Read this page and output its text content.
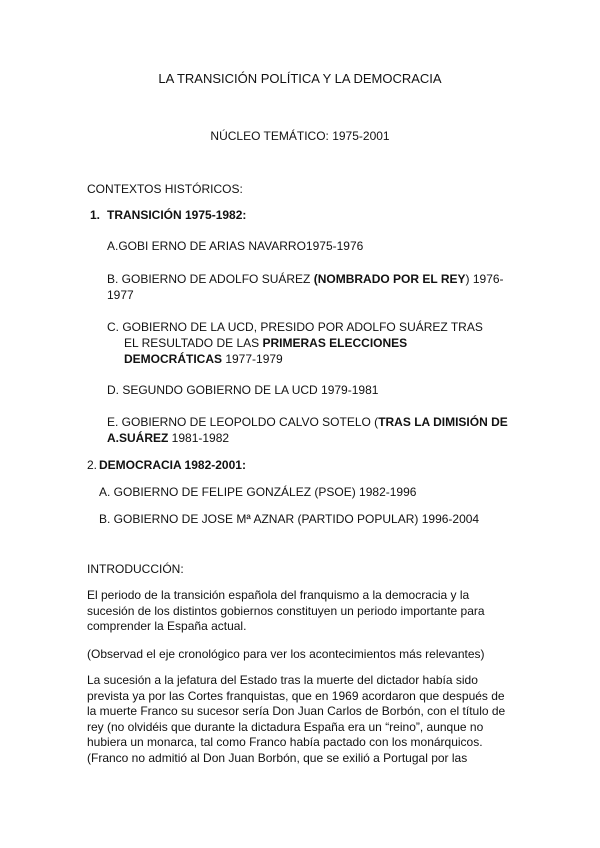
LA TRANSICIÓN POLÍTICA Y LA DEMOCRACIA
NÚCLEO TEMÁTICO: 1975-2001
CONTEXTOS HISTÓRICOS:
1. TRANSICIÓN 1975-1982:
A.GOBI ERNO DE ARIAS NAVARRO1975-1976
B. GOBIERNO DE ADOLFO SUÁREZ (NOMBRADO POR EL REY) 1976-
1977
C. GOBIERNO DE LA UCD, PRESIDO POR ADOLFO SUÁREZ TRAS
EL RESULTADO DE LAS PRIMERAS ELECCIONES
DEMOCRÁTICAS 1977-1979
D. SEGUNDO GOBIERNO DE LA UCD 1979-1981
E. GOBIERNO DE LEOPOLDO CALVO SOTELO (TRAS LA DIMISIÓN DE
A.SUÁREZ 1981-1982
2. DEMOCRACIA 1982-2001:
A. GOBIERNO DE FELIPE GONZÁLEZ (PSOE) 1982-1996
B. GOBIERNO DE JOSE Mª AZNAR (PARTIDO POPULAR) 1996-2004
INTRODUCCIÓN:
El periodo de la transición española del franquismo a la democracia y la sucesión de los distintos gobiernos constituyen un periodo importante para comprender la España actual.
(Observad el eje cronológico para ver los acontecimientos más relevantes)
La sucesión a la jefatura del Estado tras la muerte del dictador había sido prevista ya por las Cortes franquistas, que en 1969 acordaron que después de la muerte Franco su sucesor sería Don Juan Carlos de Borbón, con el título de rey (no olvidéis que durante la dictadura España era un “reino”, aunque no hubiera un monarca, tal como Franco había pactado con los monárquicos. (Franco no admitió al Don Juan Borbón, que se exilió a Portugal por las
